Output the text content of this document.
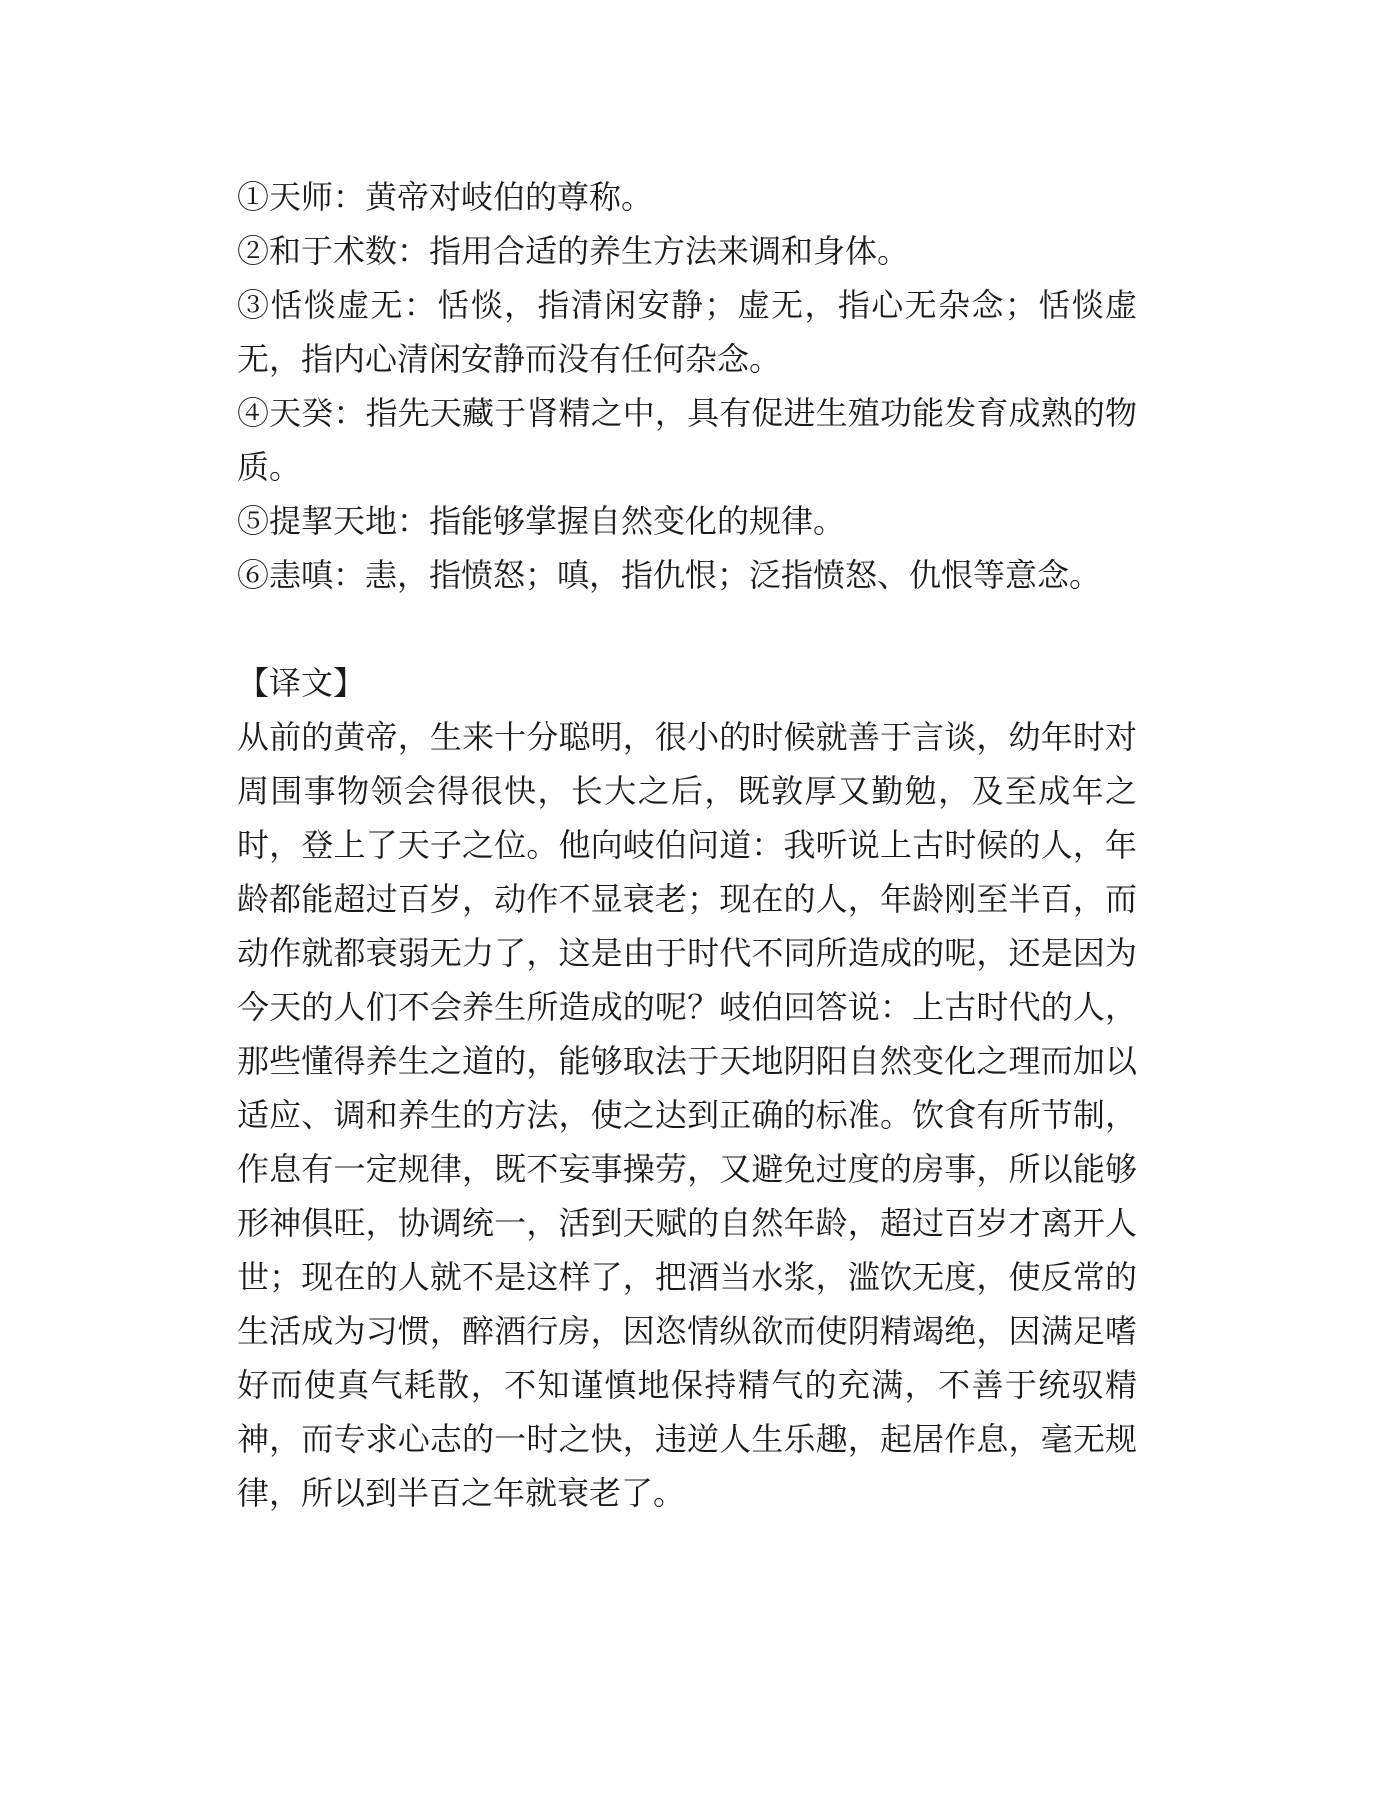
①天师：黄帝对岐伯的尊称。

②和于术数：指用合适的养生方法来调和身体。

③恬惔虚无：恬惔，指清闲安静；虚无，指心无杂念；恬惔虚无，指内心清闲安静而没有任何杂念。

④天癸：指先天藏于肾精之中，具有促进生殖功能发育成熟的物质。

⑤提挈天地：指能够掌握自然变化的规律。

⑥恚嗔：恚，指愤怒；嗔，指仇恨；泛指愤怒、仇恨等意念。

【译文】

从前的黄帝，生来十分聪明，很小的时候就善于言谈，幼年时对周围事物领会得很快，长大之后，既敦厚又勤勉，及至成年之时，登上了天子之位。他向岐伯问道：我听说上古时候的人，年龄都能超过百岁，动作不显衰老；现在的人，年龄刚至半百，而动作就都衰弱无力了，这是由于时代不同所造成的呢，还是因为今天的人们不会养生所造成的呢？岐伯回答说：上古时代的人，那些懂得养生之道的，能够取法于天地阴阳自然变化之理而加以适应、调和养生的方法，使之达到正确的标准。饮食有所节制，作息有一定规律，既不妄事操劳，又避免过度的房事，所以能够形神俱旺，协调统一，活到天赋的自然年龄，超过百岁才离开人世；现在的人就不是这样了，把酒当水浆，滥饮无度，使反常的生活成为习惯，醉酒行房，因恣情纵欲而使阴精竭绝，因满足嗜好而使真气耗散，不知谨慎地保持精气的充满，不善于统驭精神，而专求心志的一时之快，违逆人生乐趣，起居作息，毫无规律，所以到半百之年就衰老了。
